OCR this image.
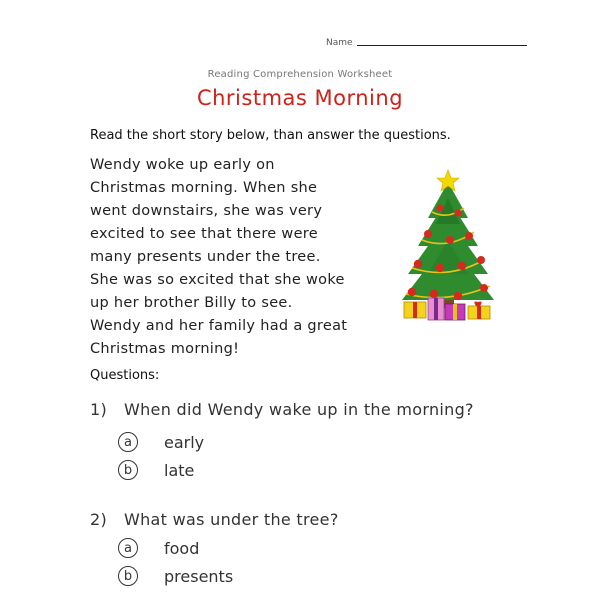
Name
Reading Comprehension Worksheet
Christmas Morning
Read the short story below, than answer the questions.
Wendy woke up early on
Christmas morning. When she
went downstairs, she was very
excited to see that there were
many presents under the tree.
She was so excited that she woke
up her brother Billy to see.
Wendy and her family had a great
Christmas morning!
Questions:
1) When did Wendy wake up in the morning?
a	early
b	late
2) What was under the tree?
a	food
b	presents
